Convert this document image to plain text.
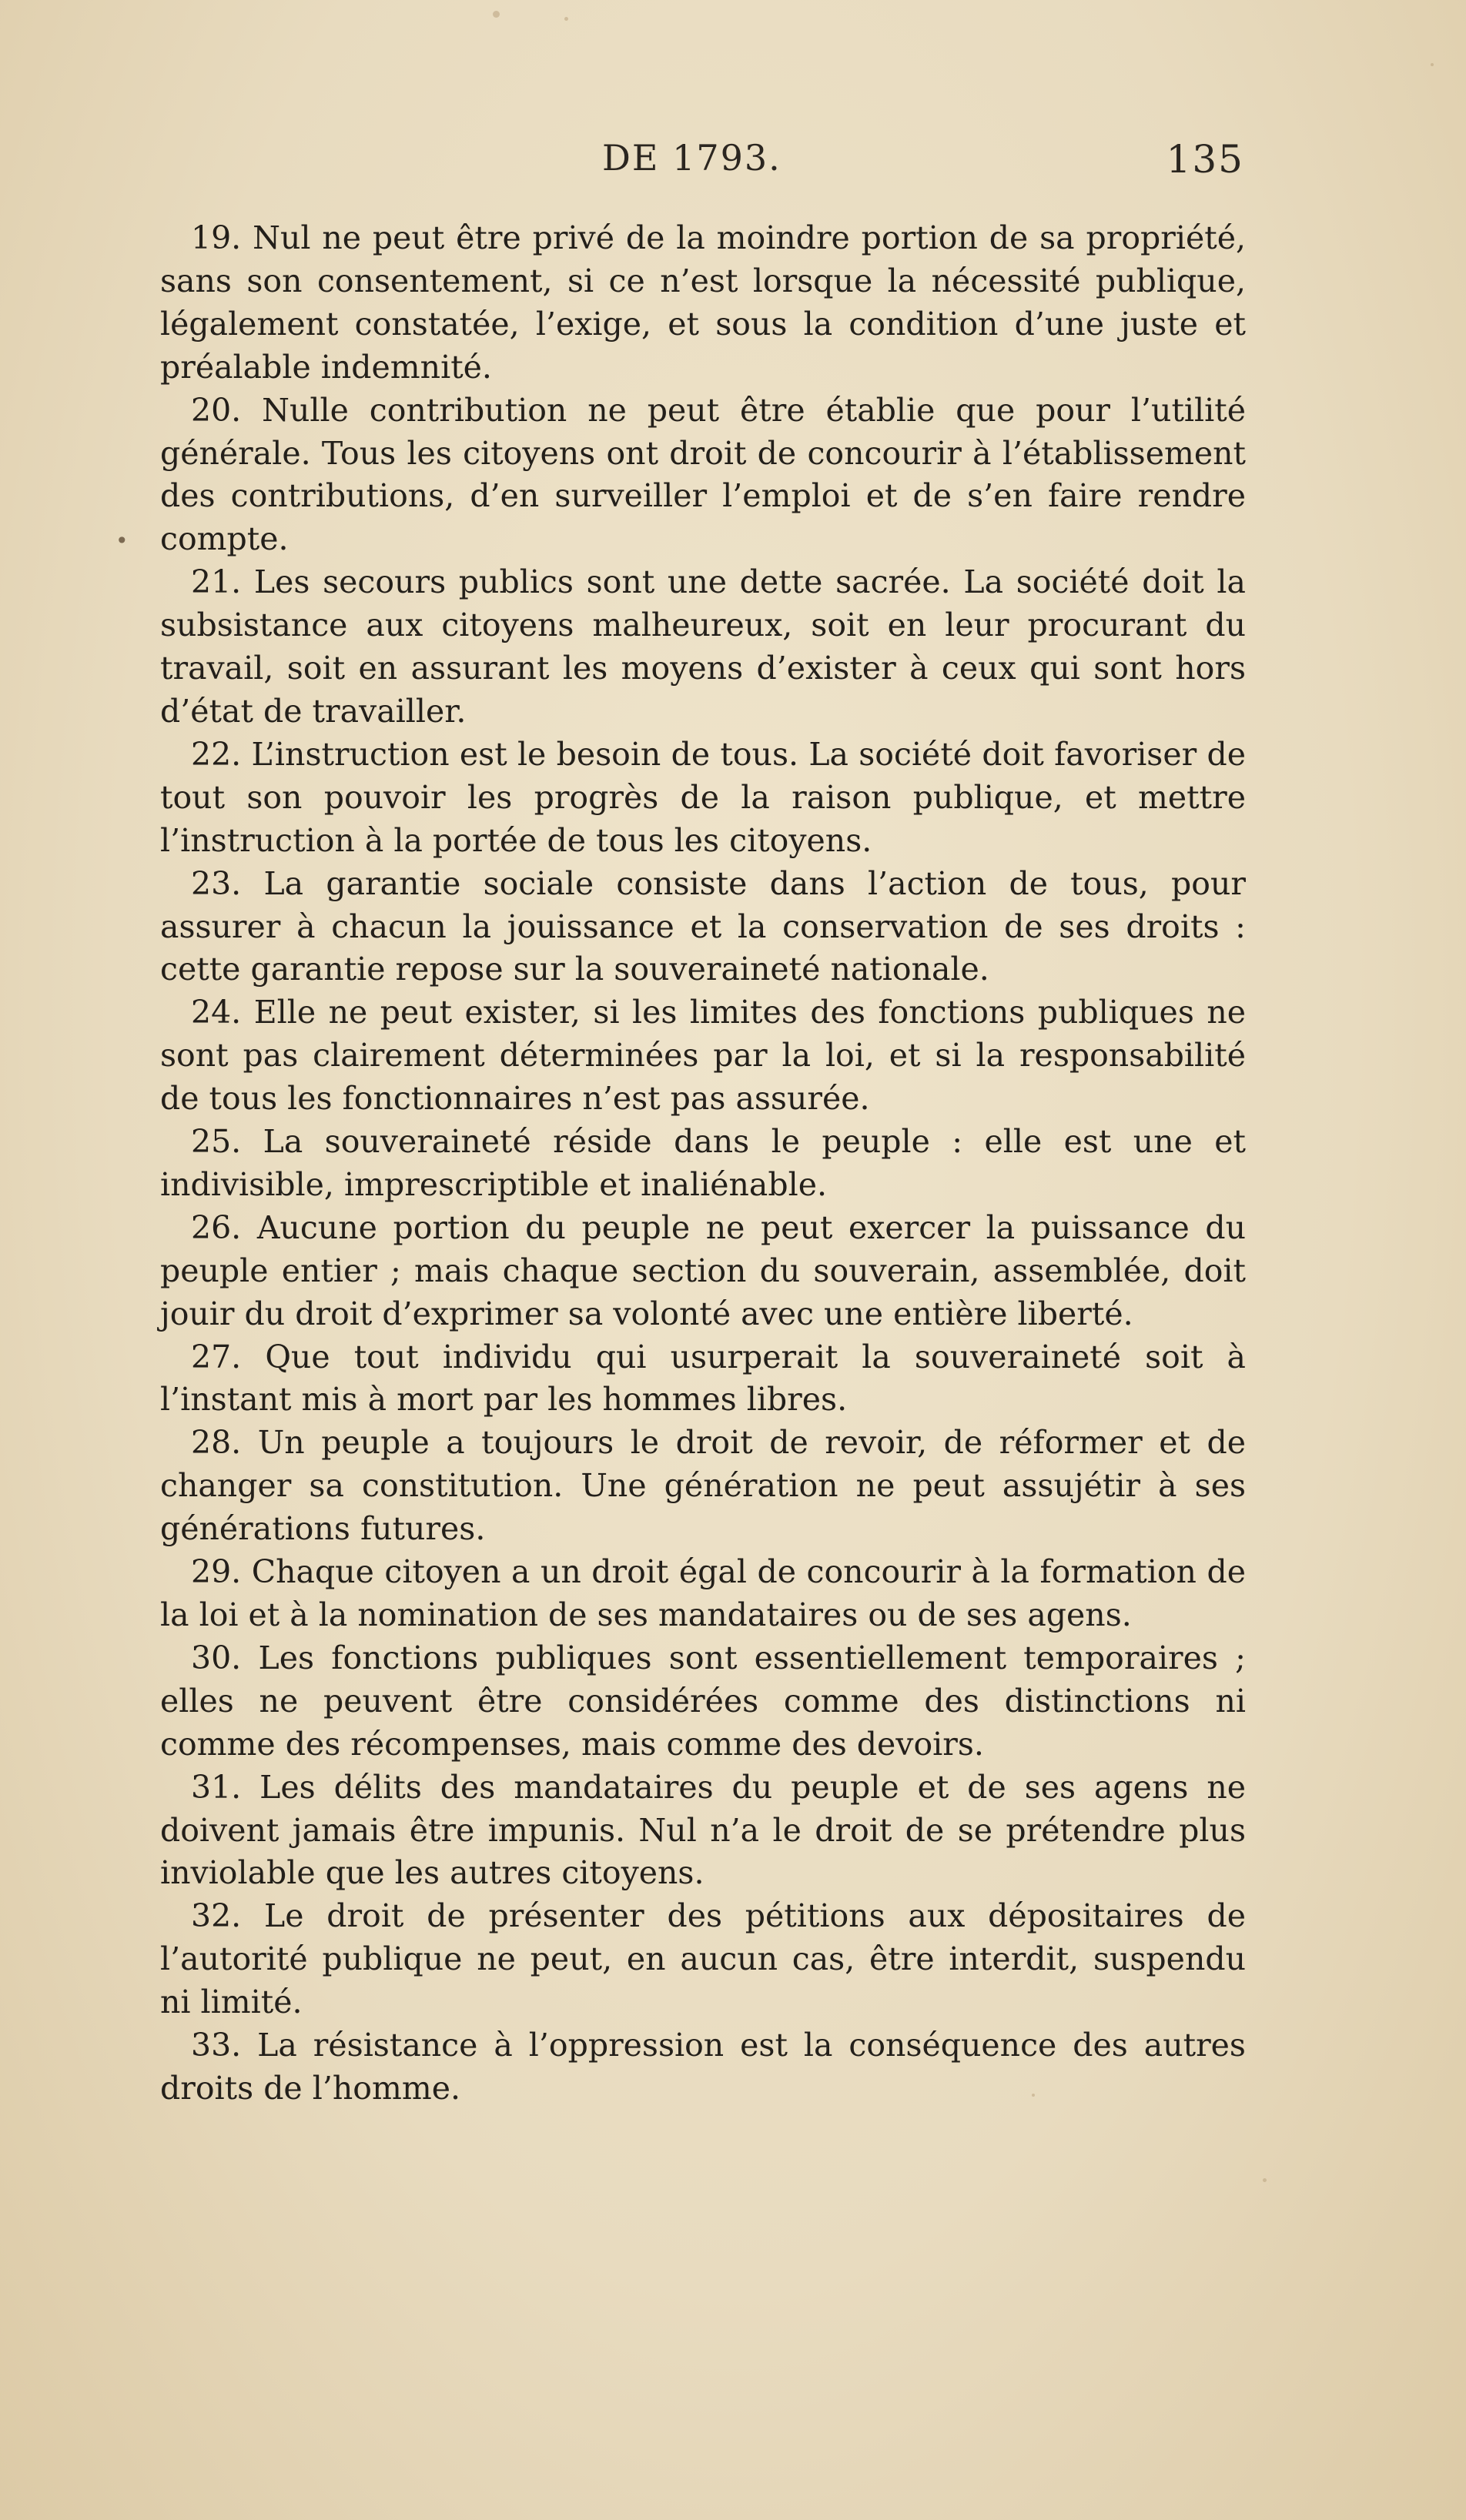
DE 1793.	135
•

19. Nul ne peut être privé de la moindre portion de sa propriété, sans son consentement, si ce n’est lorsque la nécessité publique, légalement constatée, l’exige, et sous la condition d’une juste et préalable indemnité.

20. Nulle contribution ne peut être établie que pour l’utilité générale. Tous les citoyens ont droit de concourir à l’établissement des contributions, d’en surveiller l’emploi et de s’en faire rendre compte.

21. Les secours publics sont une dette sacrée. La société doit la subsistance aux citoyens malheureux, soit en leur procurant du travail, soit en assurant les moyens d’exister à ceux qui sont hors d’état de travailler.

22. L’instruction est le besoin de tous. La société doit favoriser de tout son pouvoir les progrès de la raison publique, et mettre l’instruction à la portée de tous les citoyens.

23. La garantie sociale consiste dans l’action de tous, pour assurer à chacun la jouissance et la conservation de ses droits : cette garantie repose sur la souveraineté nationale.

24. Elle ne peut exister, si les limites des fonctions publiques ne sont pas clairement déterminées par la loi, et si la responsabilité de tous les fonctionnaires n’est pas assurée.

25. La souveraineté réside dans le peuple : elle est une et indivisible, imprescriptible et inaliénable.

26. Aucune portion du peuple ne peut exercer la puissance du peuple entier ; mais chaque section du souverain, assemblée, doit jouir du droit d’exprimer sa volonté avec une entière liberté.

27. Que tout individu qui usurperait la souveraineté soit à l’instant mis à mort par les hommes libres.

28. Un peuple a toujours le droit de revoir, de réformer et de changer sa constitution. Une génération ne peut assujétir à ses générations futures.

29. Chaque citoyen a un droit égal de concourir à la formation de la loi et à la nomination de ses mandataires ou de ses agens.

30. Les fonctions publiques sont essentiellement temporaires ; elles ne peuvent être considérées comme des distinctions ni comme des récompenses, mais comme des devoirs.

31. Les délits des mandataires du peuple et de ses agens ne doivent jamais être impunis. Nul n’a le droit de se prétendre plus inviolable que les autres citoyens.

32. Le droit de présenter des pétitions aux dépositaires de l’autorité publique ne peut, en aucun cas, être interdit, suspendu ni limité.

33. La résistance à l’oppression est la conséquence des autres droits de l’homme.
